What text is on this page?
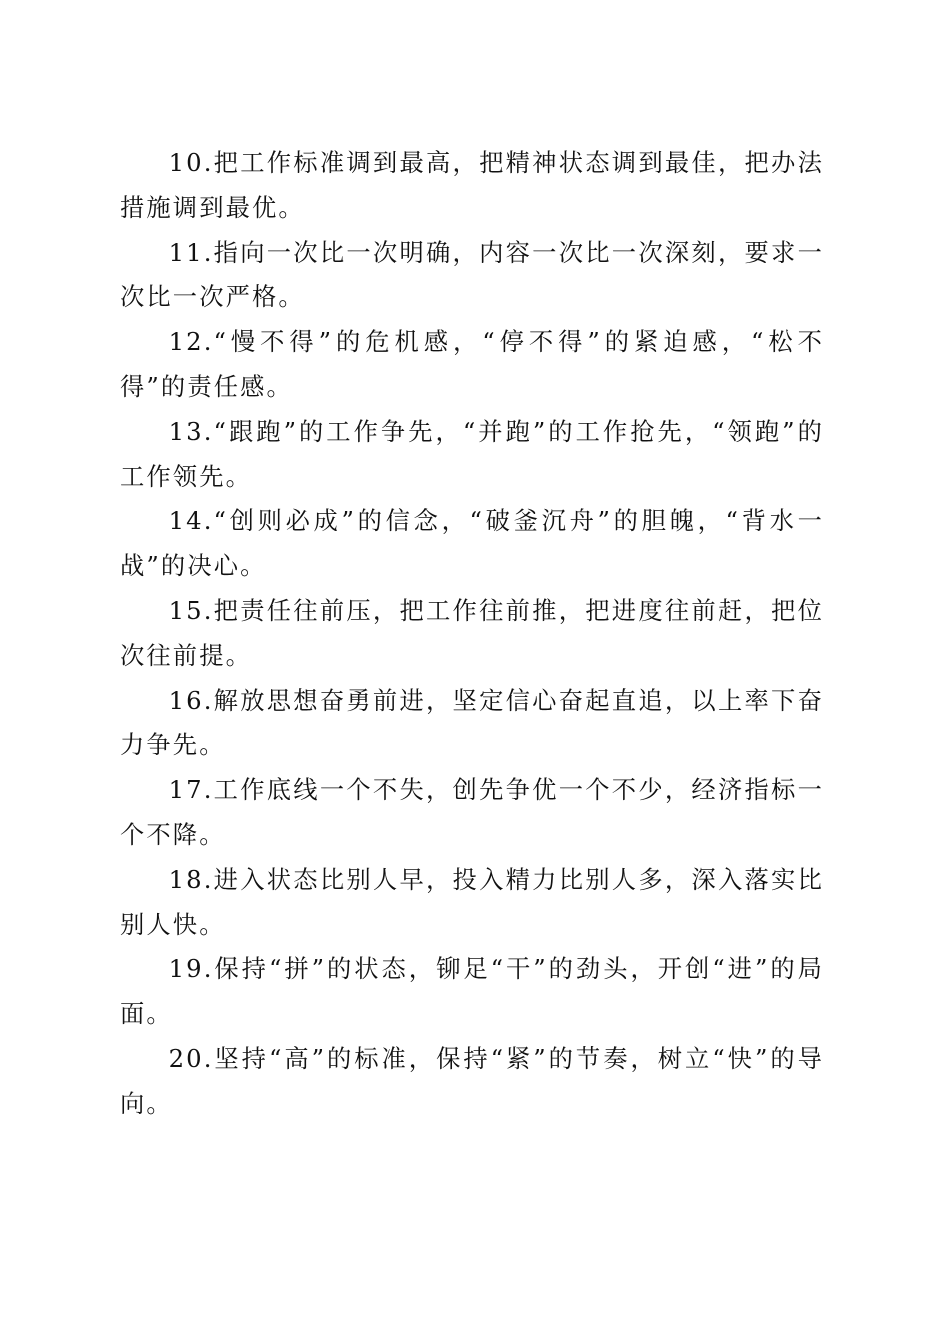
10.把工作标准调到最高，把精神状态调到最佳，把办法措施调到最优。

11.指向一次比一次明确，内容一次比一次深刻，要求一次比一次严格。

12.“慢不得”的危机感，“停不得”的紧迫感，“松不得”的责任感。

13.“跟跑”的工作争先，“并跑”的工作抢先，“领跑”的工作领先。

14.“创则必成”的信念，“破釜沉舟”的胆魄，“背水一战”的决心。

15.把责任往前压，把工作往前推，把进度往前赶，把位次往前提。

16.解放思想奋勇前进，坚定信心奋起直追，以上率下奋力争先。

17.工作底线一个不失，创先争优一个不少，经济指标一个不降。

18.进入状态比别人早，投入精力比别人多，深入落实比别人快。

19.保持“拼”的状态，铆足“干”的劲头，开创“进”的局面。

20.坚持“高”的标准，保持“紧”的节奏，树立“快”的导向。
